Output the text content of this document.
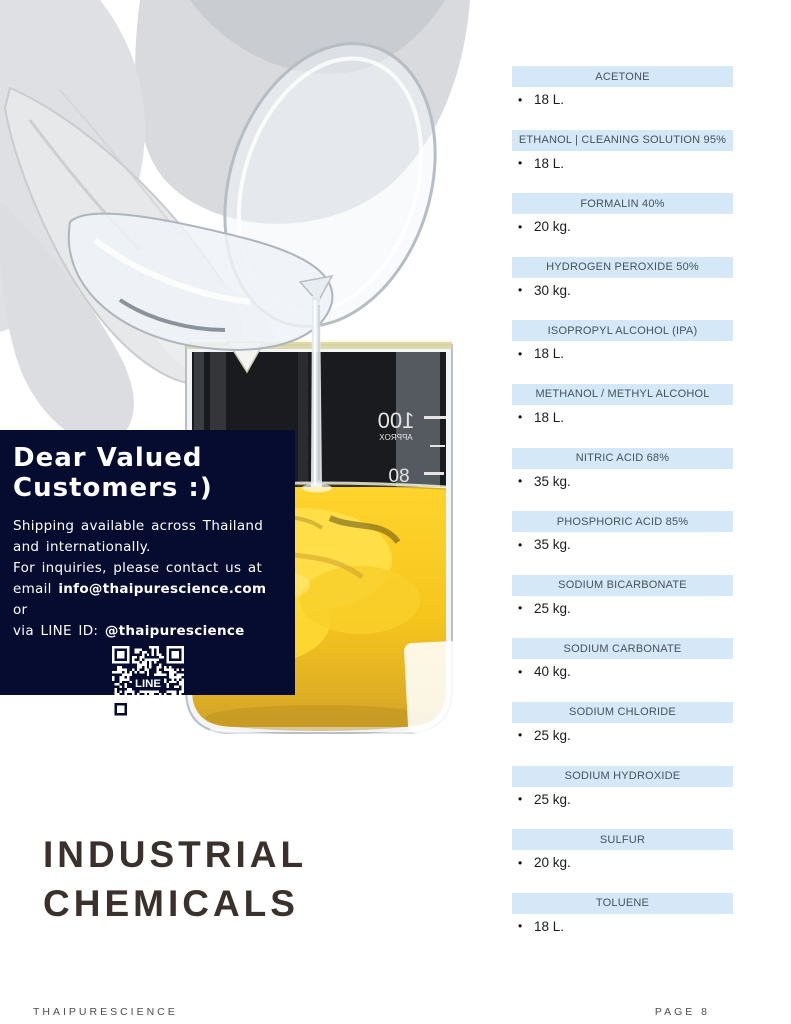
100
APPROX
80
Dear Valued
Customers :)
Shipping available across Thailand
and internationally.
For inquiries, please contact us at
email info@thaipurescience.com or
via LINE ID: @thaipurescience
LINE
ACETONE
•
18 L.
ETHANOL | CLEANING SOLUTION 95%
•
18 L.
FORMALIN 40%
•
20 kg.
HYDROGEN PEROXIDE 50%
•
30 kg.
ISOPROPYL ALCOHOL (IPA)
•
18 L.
METHANOL / METHYL ALCOHOL
•
18 L.
NITRIC ACID 68%
•
35 kg.
PHOSPHORIC ACID 85%
•
35 kg.
SODIUM BICARBONATE
•
25 kg.
SODIUM CARBONATE
•
40 kg.
SODIUM CHLORIDE
•
25 kg.
SODIUM HYDROXIDE
•
25 kg.
SULFUR
•
20 kg.
TOLUENE
•
18 L.
INDUSTRIAL
CHEMICALS
THAIPURESCIENCE	PAGE 8
